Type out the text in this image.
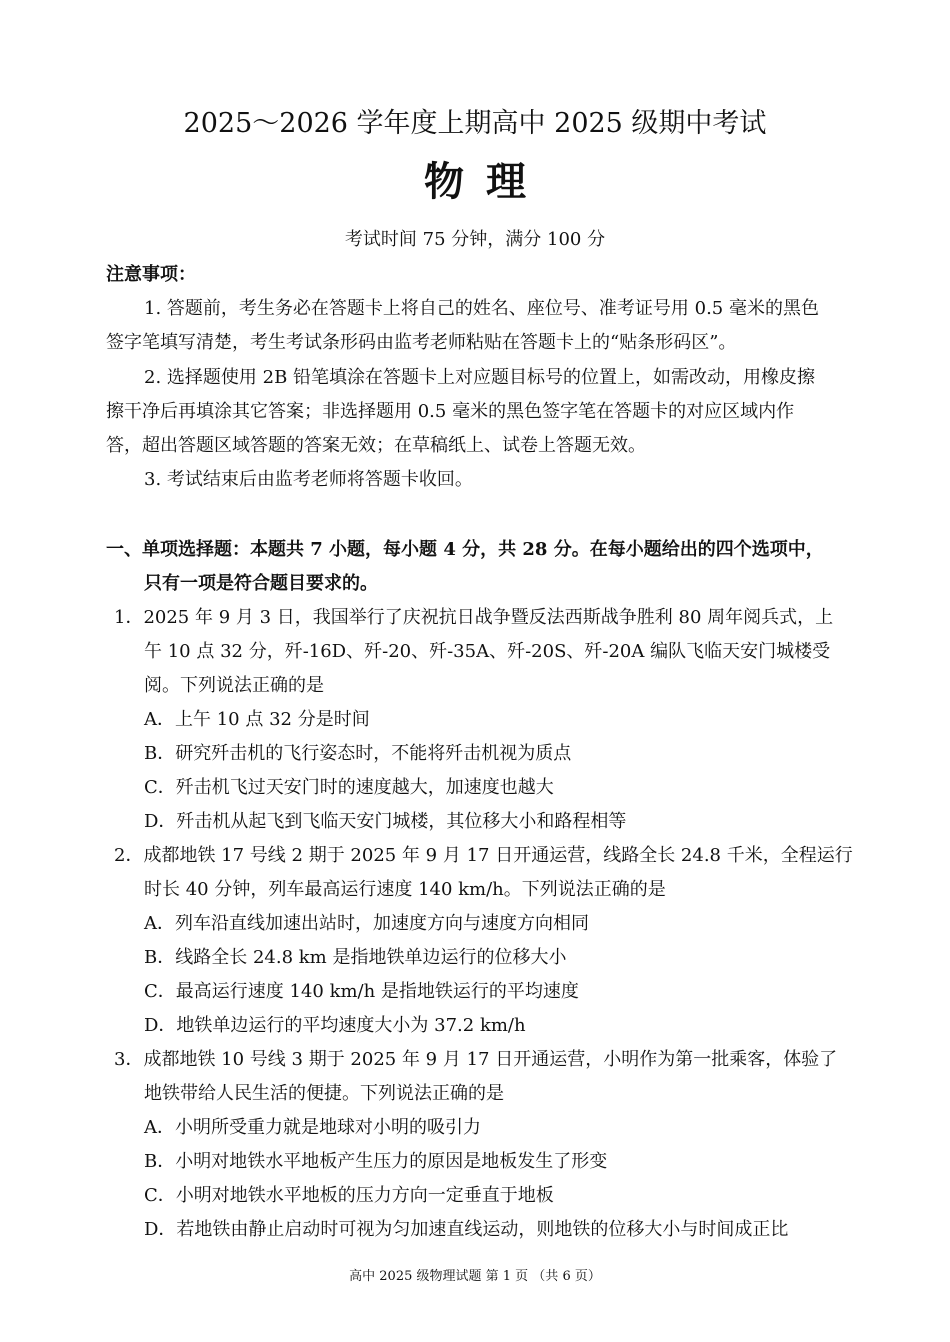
2025～2026 学年度上期高中 2025 级期中考试
物理
考试时间 75 分钟，满分 100 分
注意事项：
1. 答题前，考生务必在答题卡上将自己的姓名、座位号、准考证号用 0.5 毫米的黑色
签字笔填写清楚，考生考试条形码由监考老师粘贴在答题卡上的“贴条形码区”。
2. 选择题使用 2B 铅笔填涂在答题卡上对应题目标号的位置上，如需改动，用橡皮擦
擦干净后再填涂其它答案；非选择题用 0.5 毫米的黑色签字笔在答题卡的对应区域内作
答，超出答题区域答题的答案无效；在草稿纸上、试卷上答题无效。
3. 考试结束后由监考老师将答题卡收回。
一、单项选择题：本题共 7 小题，每小题 4 分，共 28 分。在每小题给出的四个选项中，
只有一项是符合题目要求的。
1．2025 年 9 月 3 日，我国举行了庆祝抗日战争暨反法西斯战争胜利 80 周年阅兵式，上
午 10 点 32 分，歼-16D、歼-20、歼-35A、歼-20S、歼-20A 编队飞临天安门城楼受
阅。下列说法正确的是
A．上午 10 点 32 分是时间
B．研究歼击机的飞行姿态时，不能将歼击机视为质点
C．歼击机飞过天安门时的速度越大，加速度也越大
D．歼击机从起飞到飞临天安门城楼，其位移大小和路程相等
2．成都地铁 17 号线 2 期于 2025 年 9 月 17 日开通运营，线路全长 24.8 千米，全程运行
时长 40 分钟，列车最高运行速度 140 km/h。下列说法正确的是
A．列车沿直线加速出站时，加速度方向与速度方向相同
B．线路全长 24.8 km 是指地铁单边运行的位移大小
C．最高运行速度 140 km/h 是指地铁运行的平均速度
D．地铁单边运行的平均速度大小为 37.2 km/h
3．成都地铁 10 号线 3 期于 2025 年 9 月 17 日开通运营，小明作为第一批乘客，体验了
地铁带给人民生活的便捷。下列说法正确的是
A．小明所受重力就是地球对小明的吸引力
B．小明对地铁水平地板产生压力的原因是地板发生了形变
C．小明对地铁水平地板的压力方向一定垂直于地板
D．若地铁由静止启动时可视为匀加速直线运动，则地铁的位移大小与时间成正比
高中 2025 级物理试题 第 1 页 （共 6 页）
